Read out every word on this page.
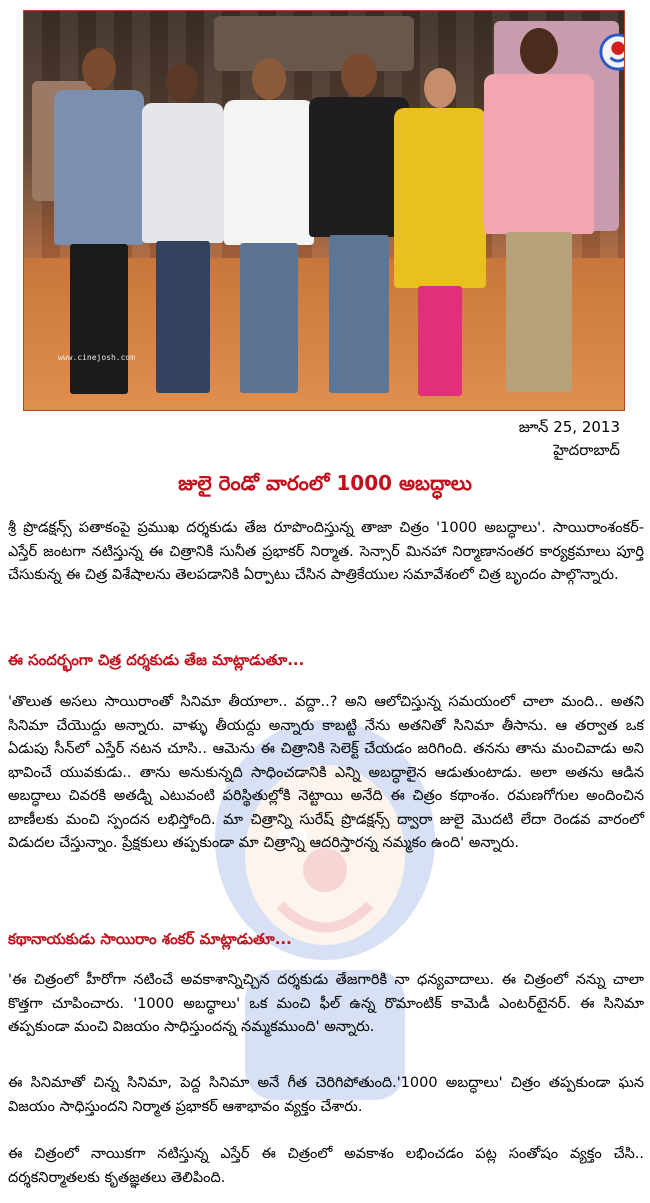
www.cinejosh.com
జూన్ 25, 2013
హైదరాబాద్
జులై రెండో వారంలో 1000 అబద్ధాలు

శ్రీ ప్రొడక్షన్స్ పతాకంపై ప్రముఖ దర్శకుడు తేజ రూపొందిస్తున్న తాజా చిత్రం '1000 అబద్ధాలు'. సాయిరాంశంకర్-ఎస్తేర్ జంటగా నటిస్తున్న ఈ చిత్రానికి సునీత ప్రభాకర్ నిర్మాత. సెన్సార్ మినహా నిర్మాణానంతర కార్యక్రమాలు పూర్తి చేసుకున్న ఈ చిత్ర విశేషాలను తెలపడానికి ఏర్పాటు చేసిన పాత్రికేయుల సమావేశంలో చిత్ర బృందం పాల్గొన్నారు.

ఈ సందర్భంగా చిత్ర దర్శకుడు తేజ మాట్లాడుతూ...

'తొలుత అసలు సాయిరాంతో సినిమా తీయాలా.. వద్దా..? అని ఆలోచిస్తున్న సమయంలో చాలా మంది.. అతని సినిమా చేయొద్దు అన్నారు. వాళ్ళు తీయద్దు అన్నారు కాబట్టి నేను అతనితో సినిమా తీసాను. ఆ తర్వాత ఒక ఏడుపు సీన్‌లో ఎస్తేర్ నటన చూసి.. ఆమెను ఈ చిత్రానికి సెలెక్ట్ చేయడం జరిగింది. తనను తాను మంచివాడు అని భావించే యువకుడు.. తాను అనుకున్నది సాధించడానికి ఎన్ని అబద్ధాలైన ఆడుతుంటాడు. అలా అతను ఆడిన అబద్ధాలు చివరకి అతడ్ని ఎటువంటి పరిస్థితుల్లోకి నెట్టాయి అనేది ఈ చిత్రం కథాంశం. రమణగోగుల అందించిన బాణీలకు మంచి స్పందన లభిస్తోంది. మా చిత్రాన్ని సురేష్ ప్రొడక్షన్స్ ద్వారా జులై మొదటి లేదా రెండవ వారంలో విడుదల చేస్తున్నాం. ప్రేక్షకులు తప్పకుండా మా చిత్రాన్ని ఆదరిస్తారన్న నమ్మకం ఉంది' అన్నారు.

కథానాయకుడు సాయిరాం శంకర్ మాట్లాడుతూ...

'ఈ చిత్రంలో హీరోగా నటించే అవకాశాన్నిచ్చిన దర్శకుడు తేజగారికి నా ధన్యవాదాలు. ఈ చిత్రంలో నన్ను చాలా కొత్తగా చూపించారు. '1000 అబద్ధాలు' ఒక మంచి ఫీల్ ఉన్న రొమాంటిక్ కామెడీ ఎంటర్‌టైనర్. ఈ సినిమా తప్పకుండా మంచి విజయం సాధిస్తుందన్న నమ్మకముంది' అన్నారు.

ఈ సినిమాతో చిన్న సినిమా, పెద్ద సినిమా అనే గీత చెరిగిపోతుంది.'1000 అబద్ధాలు' చిత్రం తప్పకుండా ఘన విజయం సాధిస్తుందని నిర్మాత ప్రభాకర్ ఆశాభావం వ్యక్తం చేశారు.

ఈ చిత్రంలో నాయికగా నటిస్తున్న ఎస్తేర్ ఈ చిత్రంలో అవకాశం లభించడం పట్ల సంతోషం వ్యక్తం చేసి.. దర్శకనిర్మాతలకు కృతజ్ఞతలు తెలిపింది.
